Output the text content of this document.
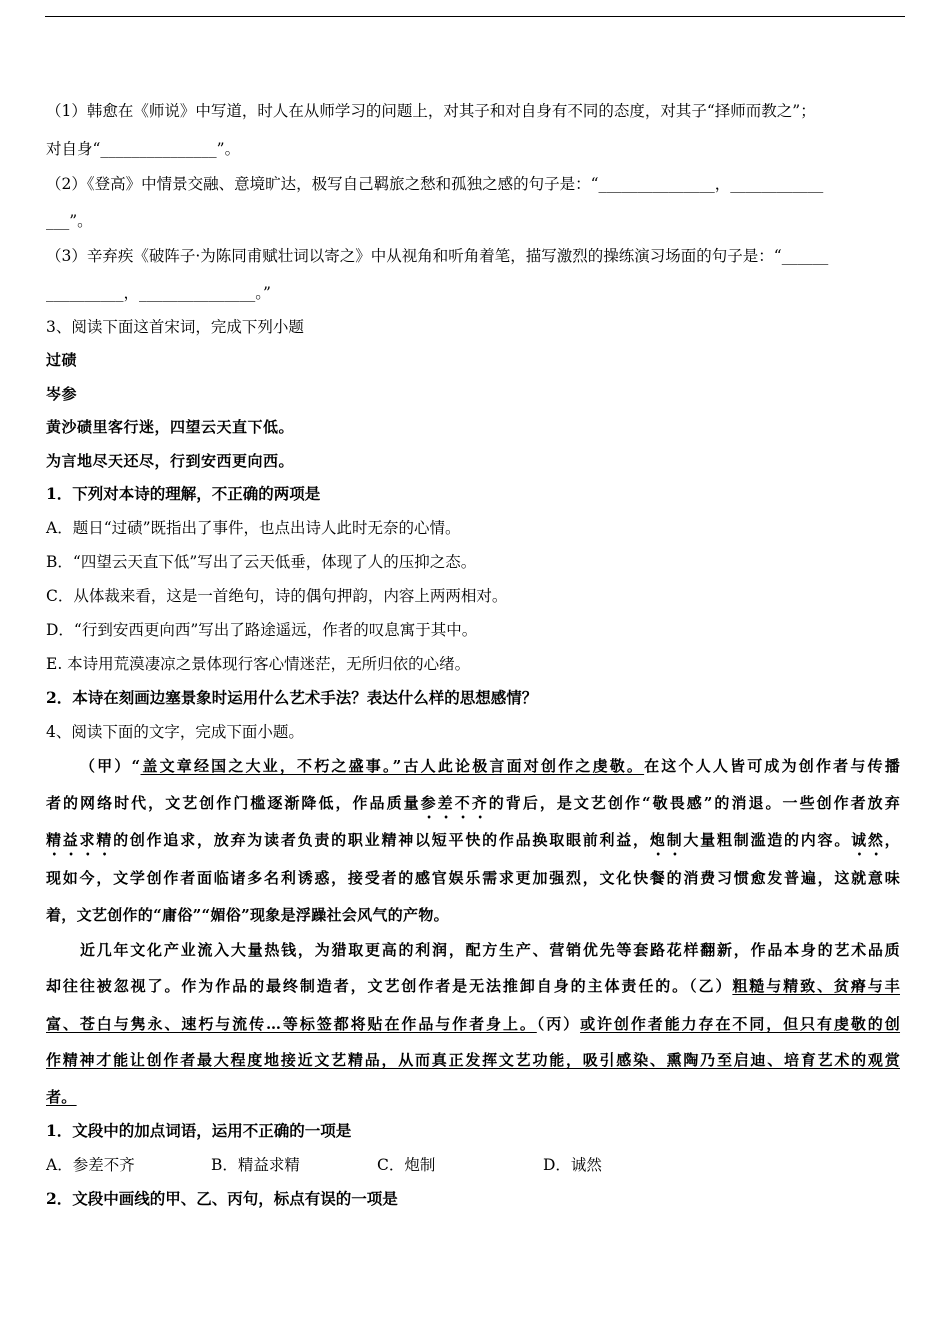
（1）韩愈在《师说》中写道，时人在从师学习的问题上，对其子和对自身有不同的态度，对其子“择师而教之”；
对自身“_______________”。
（2）《登高》中情景交融、意境旷达，极写自己羁旅之愁和孤独之感的句子是：“_______________，____________
___”。
（3）辛弃疾《破阵子·为陈同甫赋壮词以寄之》中从视角和听角着笔，描写激烈的操练演习场面的句子是：“______
__________，_______________。”
3、阅读下面这首宋词，完成下列小题
过碛
岑参
黄沙碛里客行迷，四望云天直下低。
为言地尽天还尽，行到安西更向西。
1．下列对本诗的理解，不正确的两项是
A．题日“过碛”既指出了事件，也点出诗人此时无奈的心情。
B．“四望云天直下低”写出了云天低垂，体现了人的压抑之态。
C．从体裁来看，这是一首绝句，诗的偶句押韵，内容上两两相对。
D．“行到安西更向西”写出了路途遥远，作者的叹息寓于其中。
E. 本诗用荒漠凄凉之景体现行客心情迷茫，无所归依的心绪。
2．本诗在刻画边塞景象时运用什么艺术手法？表达什么样的思想感情？
4、阅读下面的文字，完成下面小题。
（甲）“盖文章经国之大业，不朽之盛事。”古人此论极言面对创作之虔敬。在这个人人皆可成为创作者与传播
者的网络时代，文艺创作门槛逐渐降低，作品质量参差不齐的背后，是文艺创作“敬畏感”的消退。一些创作者放弃
精益求精的创作追求，放弃为读者负责的职业精神以短平快的作品换取眼前利益，炮制大量粗制滥造的内容。诚然，
现如今，文学创作者面临诸多名利诱惑，接受者的感官娱乐需求更加强烈，文化快餐的消费习惯愈发普遍，这就意味
着，文艺创作的“庸俗”“媚俗”现象是浮躁社会风气的产物。
近几年文化产业流入大量热钱，为猎取更高的利润，配方生产、营销优先等套路花样翻新，作品本身的艺术品质
却往往被忽视了。作为作品的最终制造者，文艺创作者是无法推卸自身的主体责任的。（乙）粗糙与精致、贫瘠与丰
富、苍白与隽永、速朽与流传…等标签都将贴在作品与作者身上。（丙）或许创作者能力存在不同，但只有虔敬的创
作精神才能让创作者最大程度地接近文艺精品，从而真正发挥文艺功能，吸引感染、熏陶乃至启迪、培育艺术的观赏
者。
1．文段中的加点词语，运用不正确的一项是
A．参差不齐	B．精益求精	C．炮制	D．诚然
2．文段中画线的甲、乙、丙句，标点有误的一项是
